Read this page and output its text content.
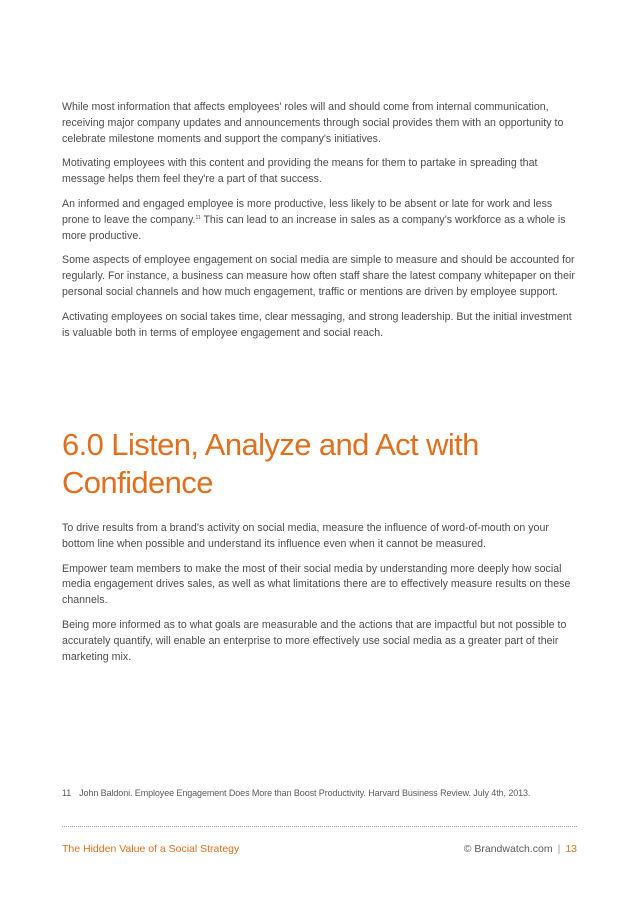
While most information that affects employees' roles will and should come from internal communication, receiving major company updates and announcements through social provides them with an opportunity to celebrate milestone moments and support the company's initiatives.

Motivating employees with this content and providing the means for them to partake in spreading that message helps them feel they're a part of that success.

An informed and engaged employee is more productive, less likely to be absent or late for work and less prone to leave the company.$^{11}$ This can lead to an increase in sales as a company's workforce as a whole is more productive.

Some aspects of employee engagement on social media are simple to measure and should be accounted for regularly. For instance, a business can measure how often staff share the latest company whitepaper on their personal social channels and how much engagement, traffic or mentions are driven by employee support.

Activating employees on social takes time, clear messaging, and strong leadership. But the initial investment is valuable both in terms of employee engagement and social reach.

6.0 Listen, Analyze and Act with
Confidence

To drive results from a brand's activity on social media, measure the influence of word-of-mouth on your bottom line when possible and understand its influence even when it cannot be measured.

Empower team members to make the most of their social media by understanding more deeply how social media engagement drives sales, as well as what limitations there are to effectively measure results on these channels.

Being more informed as to what goals are measurable and the actions that are impactful but not possible to accurately quantify, will enable an enterprise to more effectively use social media as a greater part of their marketing mix.

11 John Baldoni. Employee Engagement Does More than Boost Productivity. Harvard Business Review. July 4th, 2013.
The Hidden Value of a Social Strategy	© Brandwatch.com | 13
